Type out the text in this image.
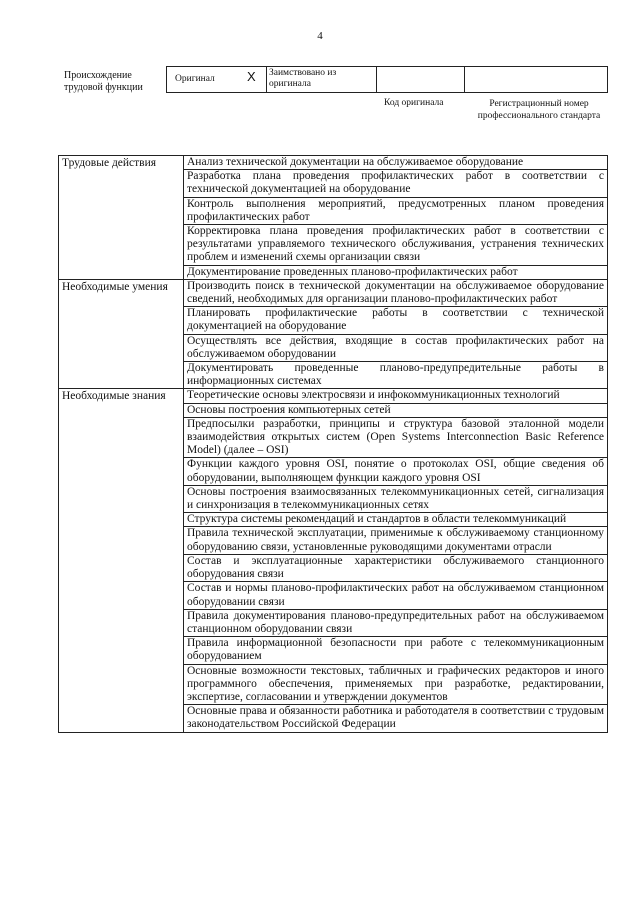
4
Происхождение трудовой функции
Оригинал X Заимствовано из оригинала
Код оригинала	Регистрационный номер профессионального стандарта
Трудовые действия	Анализ технической документации на обслуживаемое оборудование
	Разработка плана проведения профилактических работ в соответствии с технической документацией на оборудование
	Контроль выполнения мероприятий, предусмотренных планом проведения профилактических работ
	Корректировка плана проведения профилактических работ в соответствии с результатами управляемого технического обслуживания, устранения технических проблем и изменений схемы организации связи
	Документирование проведенных планово-профилактических работ
Необходимые умения	Производить поиск в технической документации на обслуживаемое оборудование сведений, необходимых для организации планово-профилактических работ
	Планировать профилактические работы в соответствии с технической документацией на оборудование
	Осуществлять все действия, входящие в состав профилактических работ на обслуживаемом оборудовании
	Документировать проведенные планово-предупредительные работы в информационных системах
Необходимые знания	Теоретические основы электросвязи и инфокоммуникационных технологий
	Основы построения компьютерных сетей
	Предпосылки разработки, принципы и структура базовой эталонной модели взаимодействия открытых систем (Open Systems Interconnection Basic Reference Model) (далее – OSI)
	Функции каждого уровня OSI, понятие о протоколах OSI, общие сведения об оборудовании, выполняющем функции каждого уровня OSI
	Основы построения взаимосвязанных телекоммуникационных сетей, сигнализация и синхронизация в телекоммуникационных сетях
	Структура системы рекомендаций и стандартов в области телекоммуникаций
	Правила технической эксплуатации, применимые к обслуживаемому станционному оборудованию связи, установленные руководящими документами отрасли
	Состав и эксплуатационные характеристики обслуживаемого станционного оборудования связи
	Состав и нормы планово-профилактических работ на обслуживаемом станционном оборудовании связи
	Правила документирования планово-предупредительных работ на обслуживаемом станционном оборудовании связи
	Правила информационной безопасности при работе с телекоммуникационным оборудованием
	Основные возможности текстовых, табличных и графических редакторов и иного программного обеспечения, применяемых при разработке, редактировании, экспертизе, согласовании и утверждении документов
	Основные права и обязанности работника и работодателя в соответствии с трудовым законодательством Российской Федерации
